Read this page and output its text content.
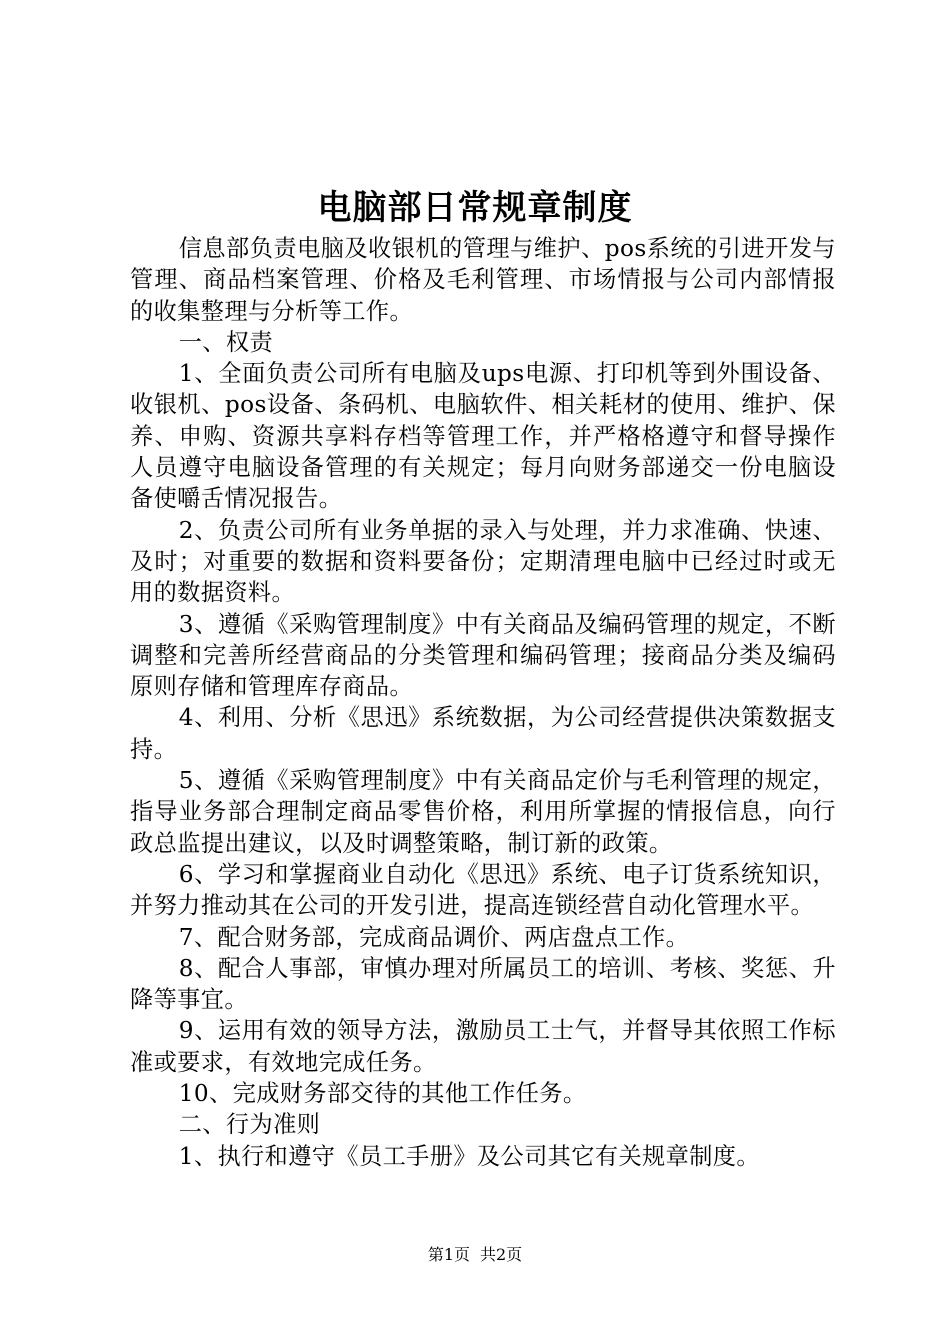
电脑部日常规章制度

信息部负责电脑及收银机的管理与维护、pos系统的引进开发与管理、商品档案管理、价格及毛利管理、市场情报与公司内部情报的收集整理与分析等工作。

一、权责

1、全面负责公司所有电脑及ups电源、打印机等到外围设备、收银机、pos设备、条码机、电脑软件、相关耗材的使用、维护、保养、申购、资源共享料存档等管理工作，并严格格遵守和督导操作人员遵守电脑设备管理的有关规定；每月向财务部递交一份电脑设备使嚼舌情况报告。

2、负责公司所有业务单据的录入与处理，并力求准确、快速、及时；对重要的数据和资料要备份；定期清理电脑中已经过时或无用的数据资料。

3、遵循《采购管理制度》中有关商品及编码管理的规定，不断调整和完善所经营商品的分类管理和编码管理；接商品分类及编码原则存储和管理库存商品。

4、利用、分析《思迅》系统数据，为公司经营提供决策数据支持。

5、遵循《采购管理制度》中有关商品定价与毛利管理的规定，指导业务部合理制定商品零售价格，利用所掌握的情报信息，向行政总监提出建议，以及时调整策略，制订新的政策。

6、学习和掌握商业自动化《思迅》系统、电子订货系统知识，并努力推动其在公司的开发引进，提高连锁经营自动化管理水平。

7、配合财务部，完成商品调价、两店盘点工作。

8、配合人事部，审慎办理对所属员工的培训、考核、奖惩、升降等事宜。

9、运用有效的领导方法，激励员工士气，并督导其依照工作标准或要求，有效地完成任务。

10、完成财务部交待的其他工作任务。

二、行为准则

1、执行和遵守《员工手册》及公司其它有关规章制度。

第1页 共2页
